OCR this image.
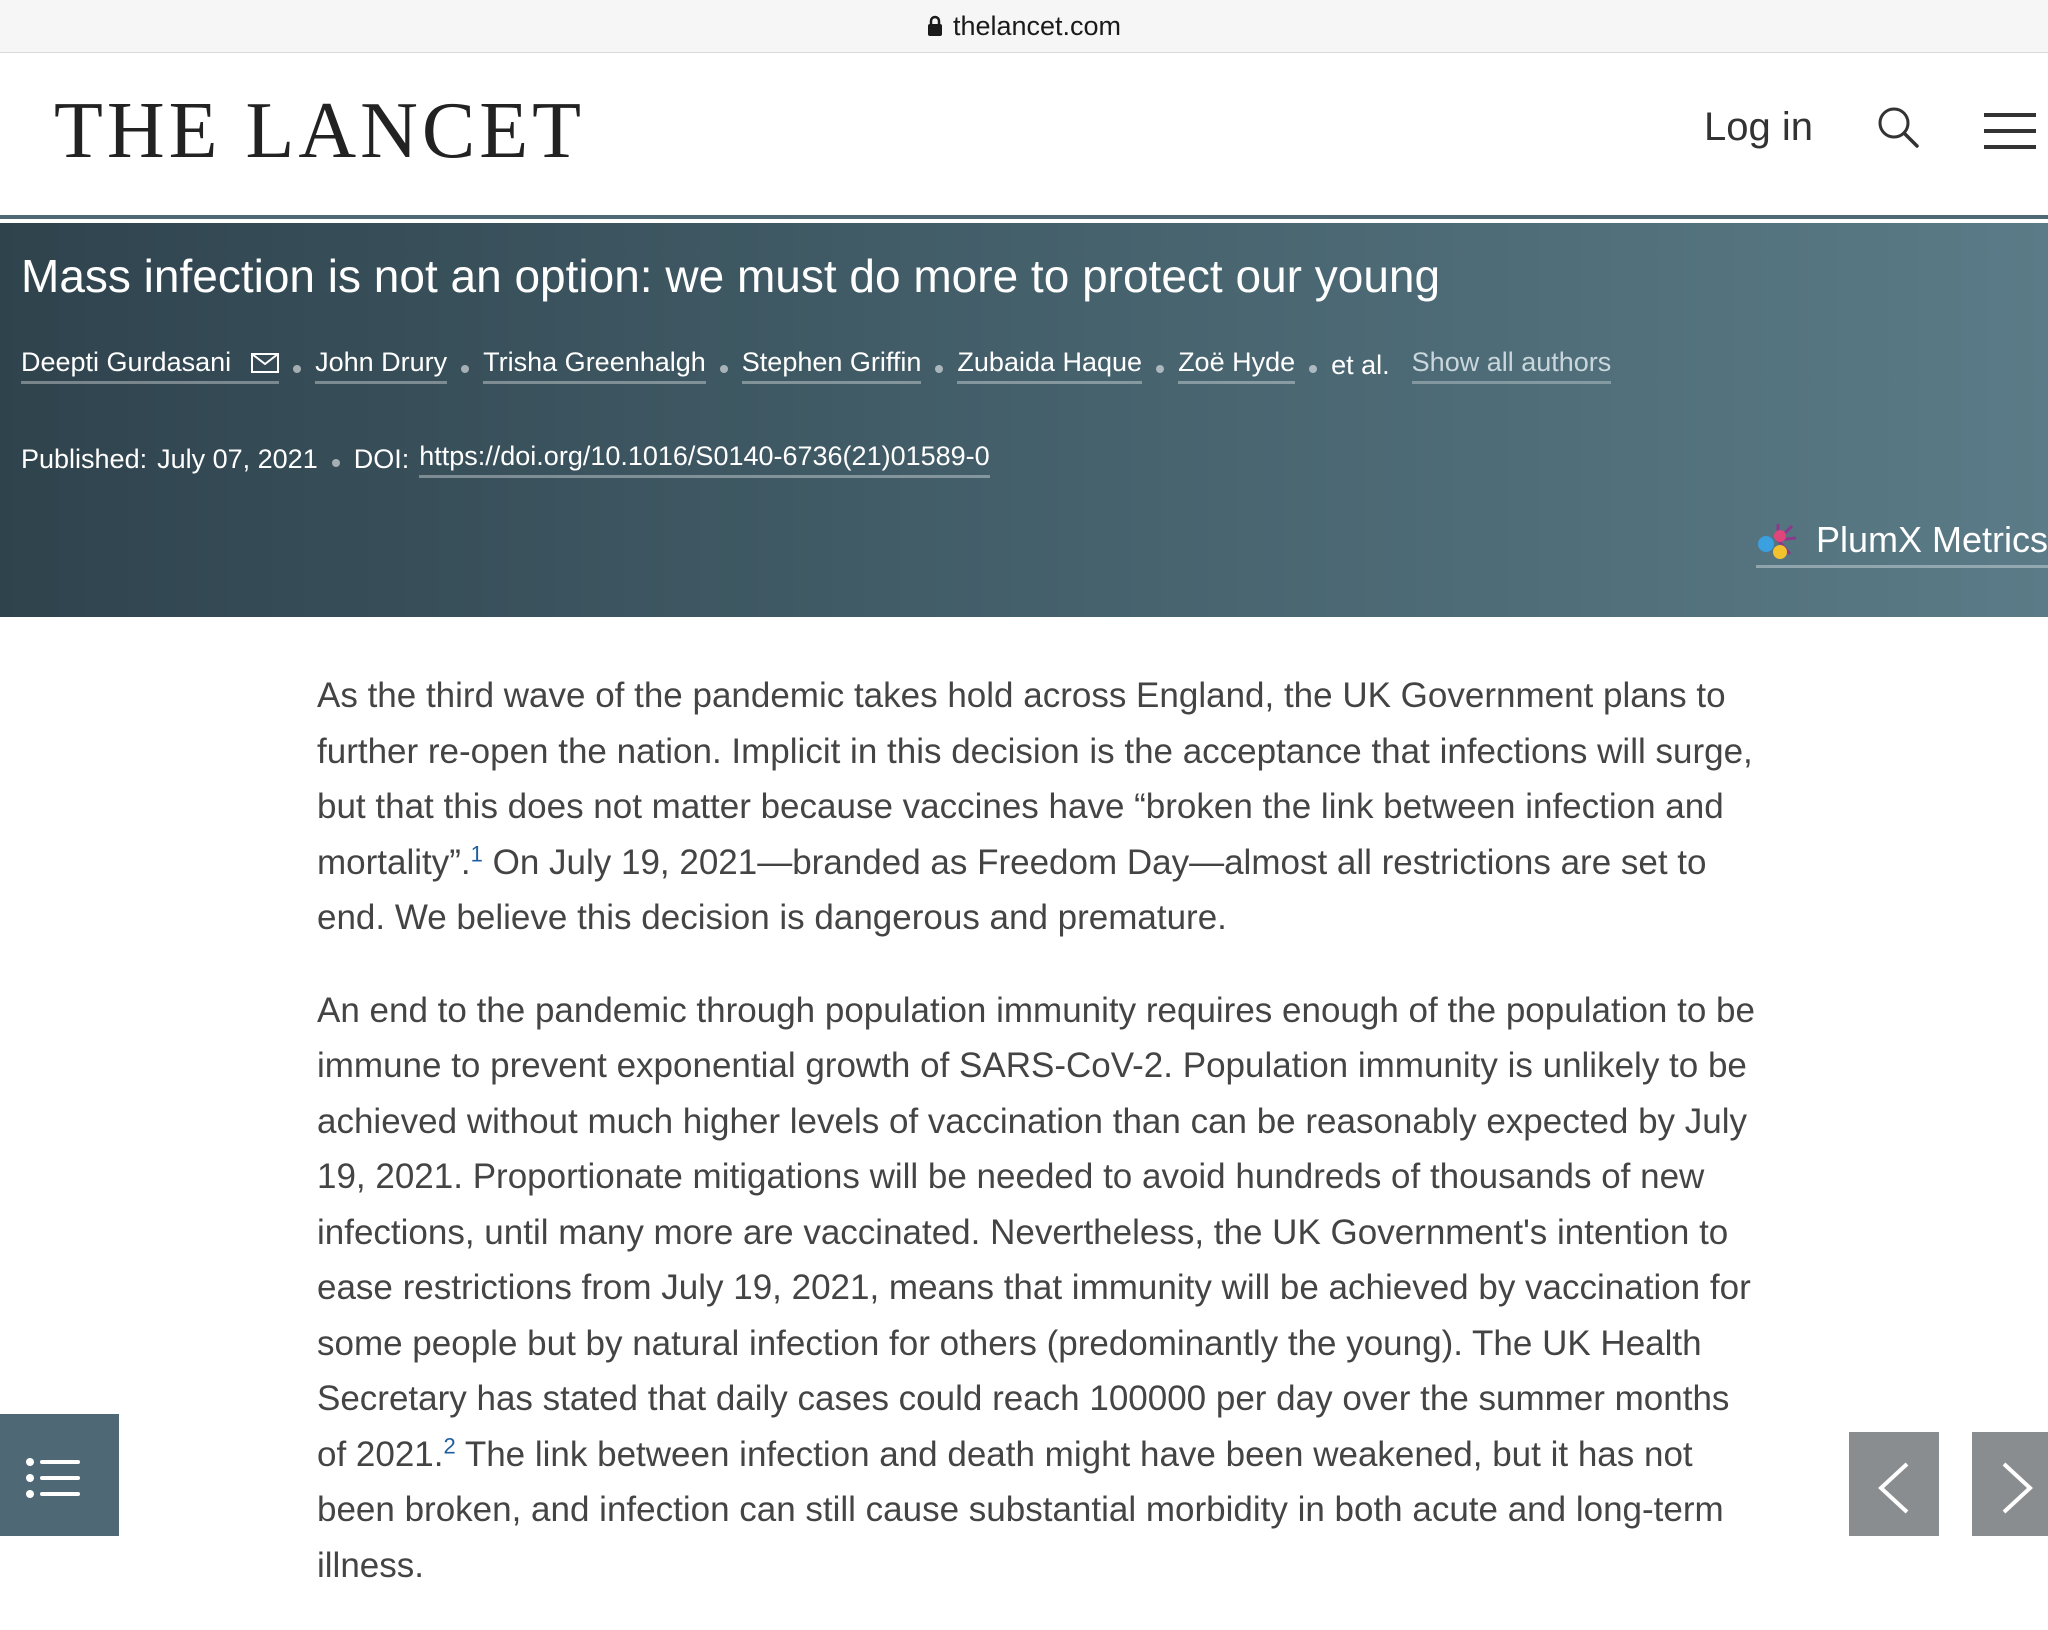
thelancet.com
THE LANCET	Log in
Mass infection is not an option: we must do more to protect our young
Deepti Gurdasani	John Drury Trisha Greenhalgh Stephen Griffin Zubaida Haque Zoë Hyde et al. Show all authors
Published: July 07, 2021 DOI: https://doi.org/10.1016/S0140-6736(21)01589-0
PlumX Metrics

As the third wave of the pandemic takes hold across England, the UK Government plans to further re-open the nation. Implicit in this decision is the acceptance that infections will surge, but that this does not matter because vaccines have “broken the link between infection and mortality”.$^1$ On July 19, 2021—branded as Freedom Day—almost all restrictions are set to end. We believe this decision is dangerous and premature.

An end to the pandemic through population immunity requires enough of the population to be immune to prevent exponential growth of SARS-CoV-2. Population immunity is unlikely to be achieved without much higher levels of vaccination than can be reasonably expected by July 19, 2021. Proportionate mitigations will be needed to avoid hundreds of thousands of new infections, until many more are vaccinated. Nevertheless, the UK Government's intention to ease restrictions from July 19, 2021, means that immunity will be achieved by vaccination for some people but by natural infection for others (predominantly the young). The UK Health Secretary has stated that daily cases could reach 100000 per day over the summer months of 2021.$^2$ The link between infection and death might have been weakened, but it has not been broken, and infection can still cause substantial morbidity in both acute and long-term illness.
